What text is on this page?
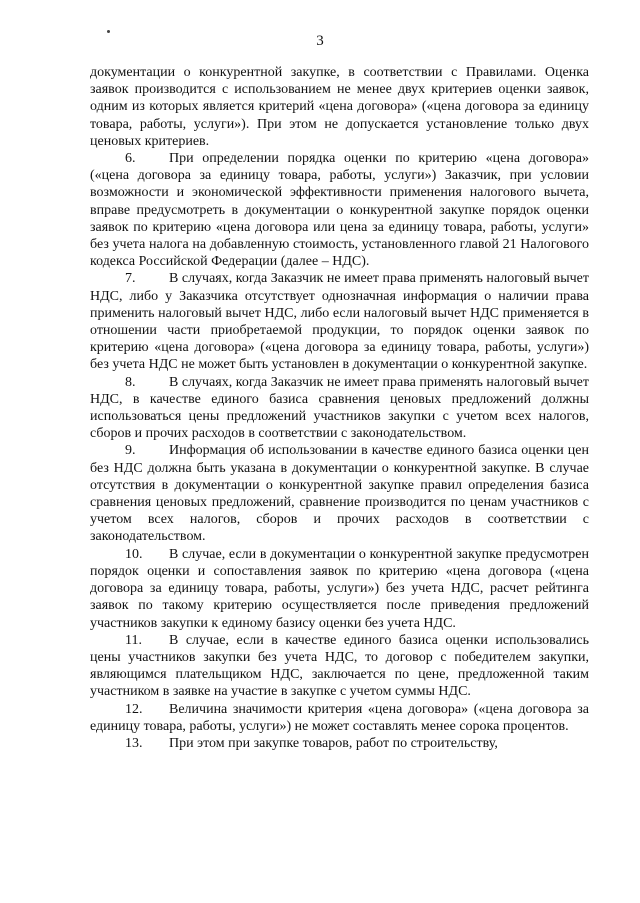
3

документации о конкурентной закупке, в соответствии с Правилами. Оценка заявок производится с использованием не менее двух критериев оценки заявок, одним из которых является критерий «цена договора» («цена договора за единицу товара, работы, услуги»). При этом не допускается установление только двух ценовых критериев.

6. При определении порядка оценки по критерию «цена договора» («цена договора за единицу товара, работы, услуги») Заказчик, при условии возможности и экономической эффективности применения налогового вычета, вправе предусмотреть в документации о конкурентной закупке порядок оценки заявок по критерию «цена договора или цена за единицу товара, работы, услуги» без учета налога на добавленную стоимость, установленного главой 21 Налогового кодекса Российской Федерации (далее – НДС).

7. В случаях, когда Заказчик не имеет права применять налоговый вычет НДС, либо у Заказчика отсутствует однозначная информация о наличии права применить налоговый вычет НДС, либо если налоговый вычет НДС применяется в отношении части приобретаемой продукции, то порядок оценки заявок по критерию «цена договора» («цена договора за единицу товара, работы, услуги») без учета НДС не может быть установлен в документации о конкурентной закупке.

8. В случаях, когда Заказчик не имеет права применять налоговый вычет НДС, в качестве единого базиса сравнения ценовых предложений должны использоваться цены предложений участников закупки с учетом всех налогов, сборов и прочих расходов в соответствии с законодательством.

9. Информация об использовании в качестве единого базиса оценки цен без НДС должна быть указана в документации о конкурентной закупке. В случае отсутствия в документации о конкурентной закупке правил определения базиса сравнения ценовых предложений, сравнение производится по ценам участников с учетом всех налогов, сборов и прочих расходов в соответствии с законодательством.

10. В случае, если в документации о конкурентной закупке предусмотрен порядок оценки и сопоставления заявок по критерию «цена договора («цена договора за единицу товара, работы, услуги») без учета НДС, расчет рейтинга заявок по такому критерию осуществляется после приведения предложений участников закупки к единому базису оценки без учета НДС.

11. В случае, если в качестве единого базиса оценки использовались цены участников закупки без учета НДС, то договор с победителем закупки, являющимся плательщиком НДС, заключается по цене, предложенной таким участником в заявке на участие в закупке с учетом суммы НДС.

12. Величина значимости критерия «цена договора» («цена договора за единицу товара, работы, услуги») не может составлять менее сорока процентов.

13. При этом при закупке товаров, работ по строительству,
